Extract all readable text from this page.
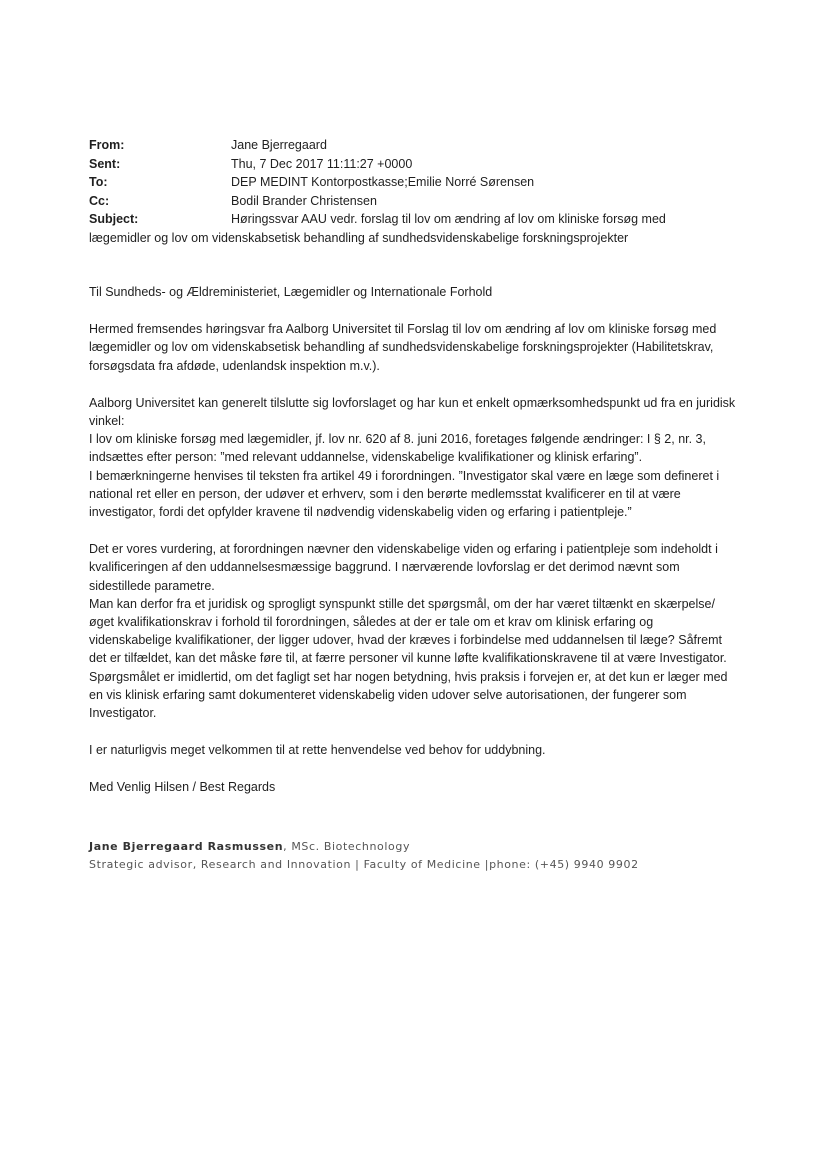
From:	Jane Bjerregaard
Sent:	Thu, 7 Dec 2017 11:11:27 +0000
To:	DEP MEDINT Kontorpostkasse;Emilie Norré Sørensen
Cc:	Bodil Brander Christensen
Subject:	Høringssvar AAU vedr. forslag til lov om ændring af lov om kliniske forsøg med
lægemidler og lov om videnskabsetisk behandling af sundhedsvidenskabelige forskningsprojekter

Til Sundheds- og Ældreministeriet, Lægemidler og Internationale Forhold

Hermed fremsendes høringsvar fra Aalborg Universitet til Forslag til lov om ændring af lov om kliniske forsøg med lægemidler og lov om videnskabsetisk behandling af sundhedsvidenskabelige forskningsprojekter (Habilitetskrav, forsøgsdata fra afdøde, udenlandsk inspektion m.v.).

Aalborg Universitet kan generelt tilslutte sig lovforslaget og har kun et enkelt opmærksomhedspunkt ud fra en juridisk vinkel:

I lov om kliniske forsøg med lægemidler, jf. lov nr. 620 af 8. juni 2016, foretages følgende ændringer: I § 2, nr. 3, indsættes efter person: ”med relevant uddannelse, videnskabelige kvalifikationer og klinisk erfaring”.

I bemærkningerne henvises til teksten fra artikel 49 i forordningen. ”Investigator skal være en læge som defineret i national ret eller en person, der udøver et erhverv, som i den berørte medlemsstat kvalificerer en til at være investigator, fordi det opfylder kravene til nødvendig videnskabelig viden og erfaring i patientpleje.”

Det er vores vurdering, at forordningen nævner den videnskabelige viden og erfaring i patientpleje som indeholdt i kvalificeringen af den uddannelsesmæssige baggrund. I nærværende lovforslag er det derimod nævnt som sidestillede parametre.

Man kan derfor fra et juridisk og sprogligt synspunkt stille det spørgsmål, om der har været tiltænkt en skærpelse/øget kvalifikationskrav i forhold til forordningen, således at der er tale om et krav om klinisk erfaring og videnskabelige kvalifikationer, der ligger udover, hvad der kræves i forbindelse med uddannelsen til læge? Såfremt det er tilfældet, kan det måske føre til, at færre personer vil kunne løfte kvalifikationskravene til at være Investigator.

Spørgsmålet er imidlertid, om det fagligt set har nogen betydning, hvis praksis i forvejen er, at det kun er læger med en vis klinisk erfaring samt dokumenteret videnskabelig viden udover selve autorisationen, der fungerer som Investigator.

I er naturligvis meget velkommen til at rette henvendelse ved behov for uddybning.

Med Venlig Hilsen / Best Regards

Jane Bjerregaard Rasmussen, MSc. Biotechnology
Strategic advisor, Research and Innovation | Faculty of Medicine |phone: (+45) 9940 9902
